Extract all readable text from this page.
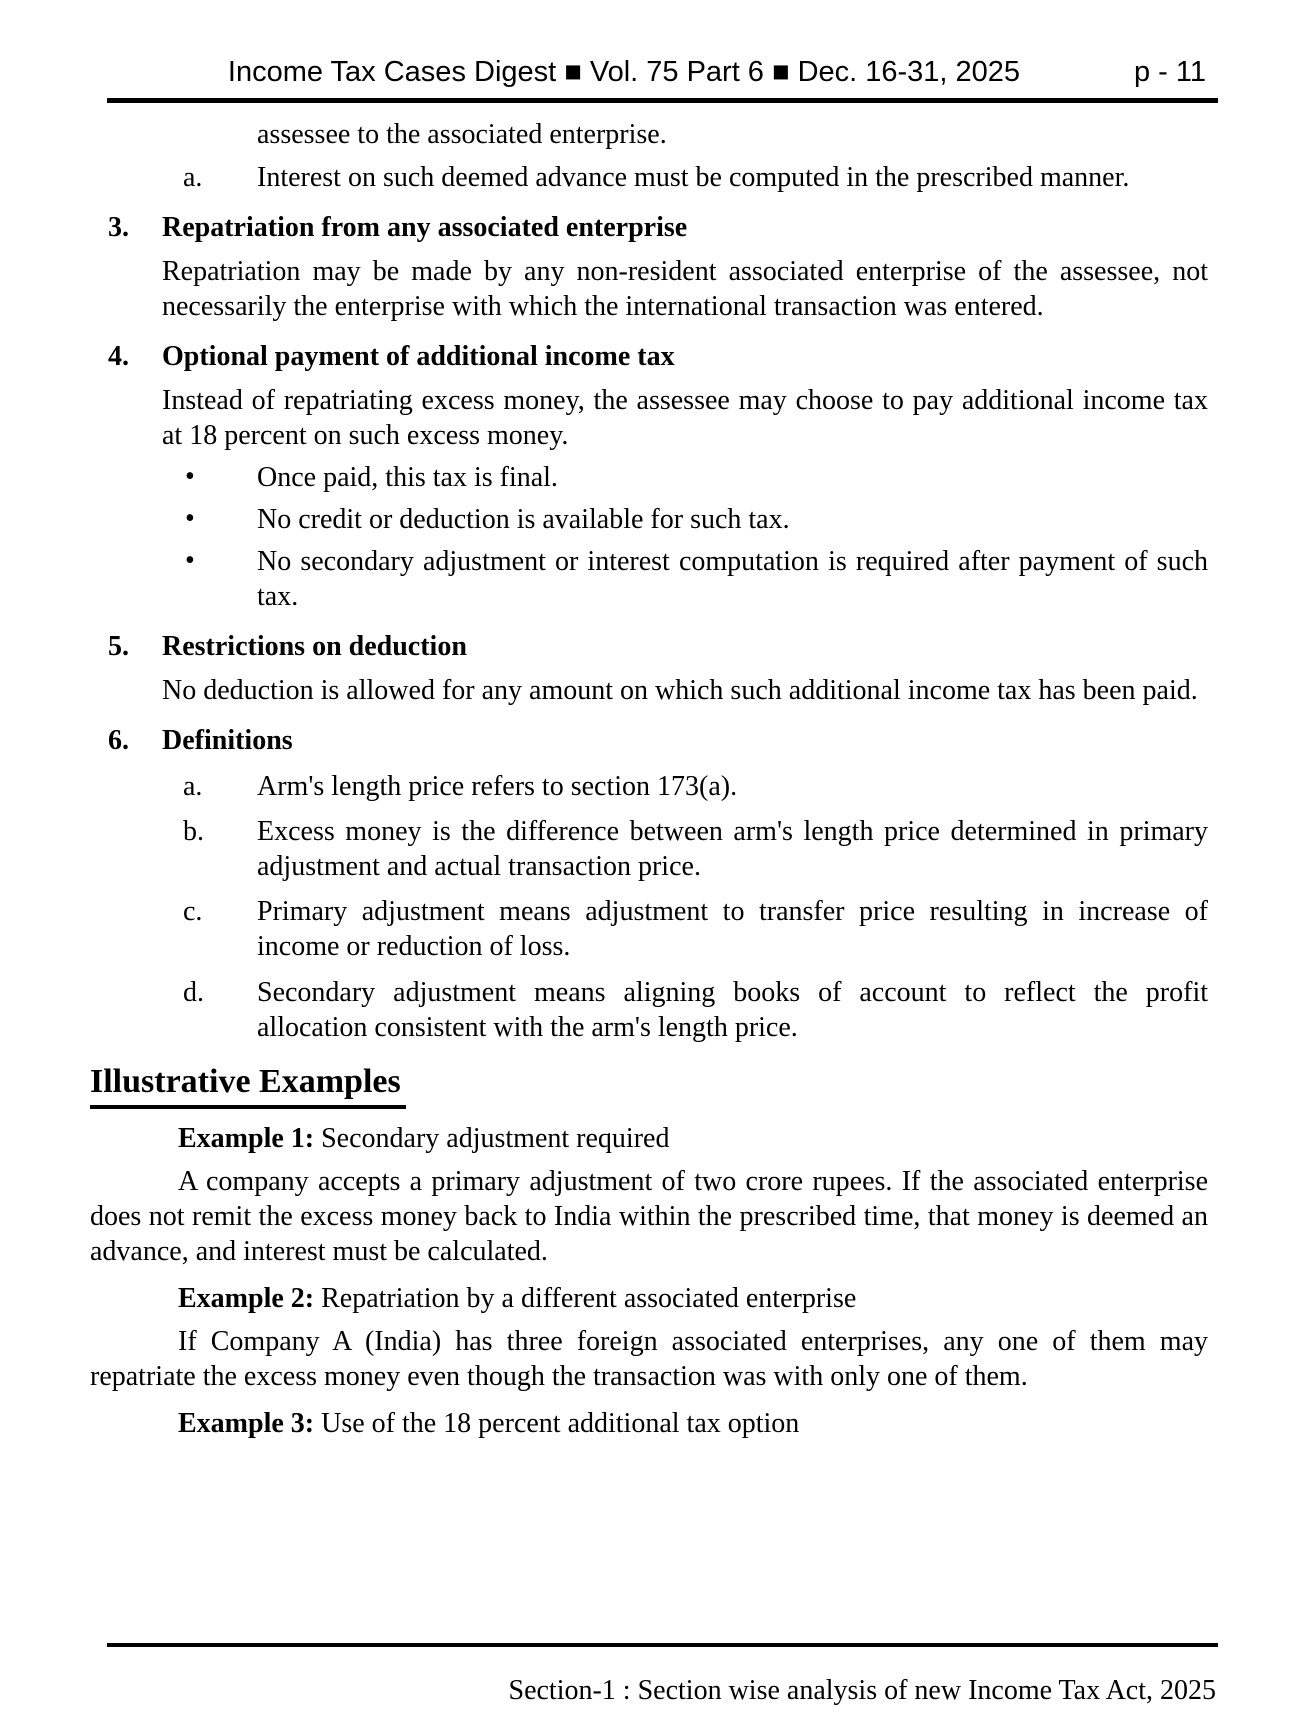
Income Tax Cases Digest ■ Vol. 75 Part 6 ■ Dec. 16-31, 2025	p - 11
assessee to the associated enterprise.
a. Interest on such deemed advance must be computed in the prescribed manner.
3.	Repatriation from any associated enterprise
Repatriation may be made by any non-resident associated enterprise of the assessee, not necessarily the enterprise with which the international transaction was entered.
4.	Optional payment of additional income tax
Instead of repatriating excess money, the assessee may choose to pay additional income tax at 18 percent on such excess money.
• Once paid, this tax is final.
• No credit or deduction is available for such tax.
• No secondary adjustment or interest computation is required after payment of such tax.
5.	Restrictions on deduction
No deduction is allowed for any amount on which such additional income tax has been paid.
6.	Definitions
a. Arm's length price refers to section 173(a).
b. Excess money is the difference between arm's length price determined in primary adjustment and actual transaction price.
c. Primary adjustment means adjustment to transfer price resulting in increase of income or reduction of loss.
d. Secondary adjustment means aligning books of account to reflect the profit allocation consistent with the arm's length price.
Illustrative Examples
Example 1: Secondary adjustment required
A company accepts a primary adjustment of two crore rupees. If the associated enterprise does not remit the excess money back to India within the prescribed time, that money is deemed an advance, and interest must be calculated.
Example 2: Repatriation by a different associated enterprise
If Company A (India) has three foreign associated enterprises, any one of them may repatriate the excess money even though the transaction was with only one of them.
Example 3: Use of the 18 percent additional tax option
Section-1 : Section wise analysis of new Income Tax Act, 2025
